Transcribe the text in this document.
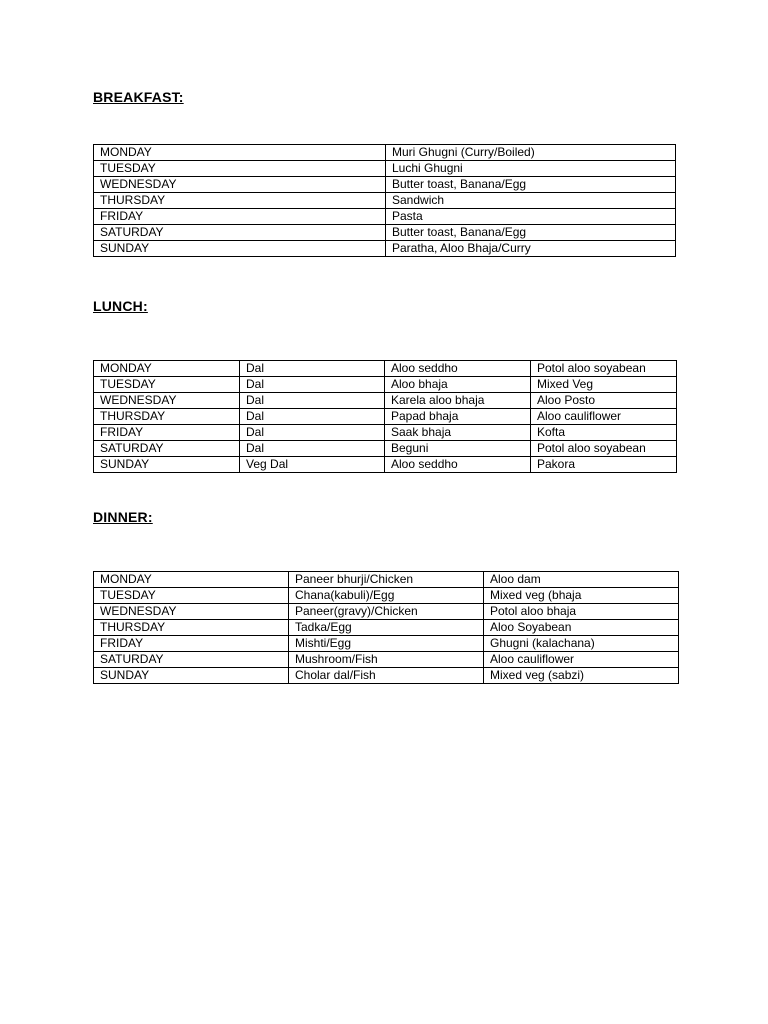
BREAKFAST:
MONDAY	Muri Ghugni (Curry/Boiled)
TUESDAY	Luchi Ghugni
WEDNESDAY	Butter toast, Banana/Egg
THURSDAY	Sandwich
FRIDAY	Pasta
SATURDAY	Butter toast, Banana/Egg
SUNDAY	Paratha, Aloo Bhaja/Curry
LUNCH:
MONDAY	Dal	Aloo seddho	Potol aloo soyabean
TUESDAY	Dal	Aloo bhaja	Mixed Veg
WEDNESDAY	Dal	Karela aloo bhaja	Aloo Posto
THURSDAY	Dal	Papad bhaja	Aloo cauliflower
FRIDAY	Dal	Saak bhaja	Kofta
SATURDAY	Dal	Beguni	Potol aloo soyabean
SUNDAY	Veg Dal	Aloo seddho	Pakora
DINNER:
MONDAY	Paneer bhurji/Chicken	Aloo dam
TUESDAY	Chana(kabuli)/Egg	Mixed veg (bhaja
WEDNESDAY	Paneer(gravy)/Chicken	Potol aloo bhaja
THURSDAY	Tadka/Egg	Aloo Soyabean
FRIDAY	Mishti/Egg	Ghugni (kalachana)
SATURDAY	Mushroom/Fish	Aloo cauliflower
SUNDAY	Cholar dal/Fish	Mixed veg (sabzi)
